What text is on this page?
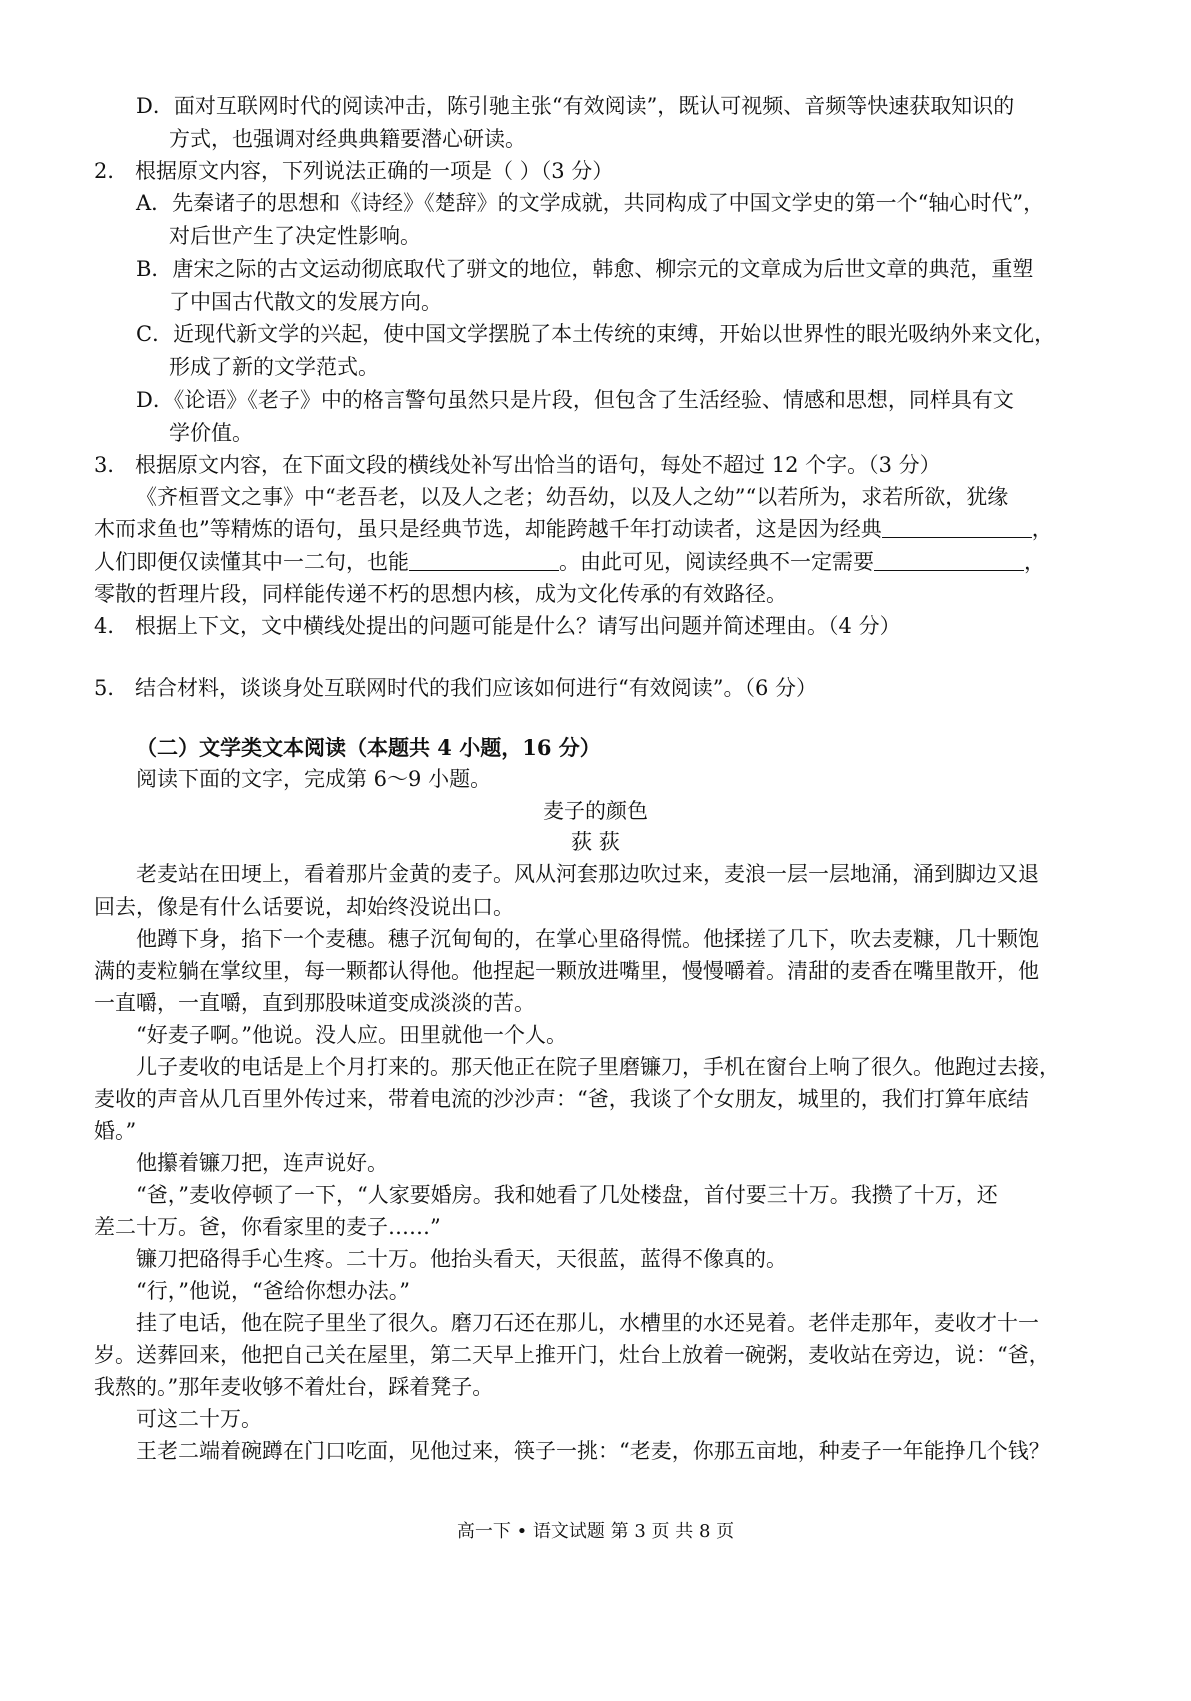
D．面对互联网时代的阅读冲击，陈引驰主张“有效阅读”，既认可视频、音频等快速获取知识的
方式，也强调对经典典籍要潜心研读。
2． 根据原文内容，下列说法正确的一项是（ ）（3 分）
A．先秦诸子的思想和《诗经》《楚辞》的文学成就，共同构成了中国文学史的第一个“轴心时代”，
对后世产生了决定性影响。
B．唐宋之际的古文运动彻底取代了骈文的地位，韩愈、柳宗元的文章成为后世文章的典范，重塑
了中国古代散文的发展方向。
C．近现代新文学的兴起，使中国文学摆脱了本土传统的束缚，开始以世界性的眼光吸纳外来文化，
形成了新的文学范式。
D．《论语》《老子》中的格言警句虽然只是片段，但包含了生活经验、情感和思想，同样具有文
学价值。
3． 根据原文内容，在下面文段的横线处补写出恰当的语句，每处不超过 12 个字。（3 分）
《齐桓晋文之事》中“老吾老，以及人之老；幼吾幼，以及人之幼”“以若所为，求若所欲，犹缘
木而求鱼也”等精炼的语句，虽只是经典节选，却能跨越千年打动读者，这是因为经典	，
人们即便仅读懂其中一二句，也能	。由此可见，阅读经典不一定需要	，
零散的哲理片段，同样能传递不朽的思想内核，成为文化传承的有效路径。
4． 根据上下文，文中横线处提出的问题可能是什么？请写出问题并简述理由。（4 分）
5． 结合材料，谈谈身处互联网时代的我们应该如何进行“有效阅读”。（6 分）
（二）文学类文本阅读（本题共 4 小题，16 分）
阅读下面的文字，完成第 6～9 小题。
麦子的颜色
荻 荻
老麦站在田埂上，看着那片金黄的麦子。风从河套那边吹过来，麦浪一层一层地涌，涌到脚边又退
回去，像是有什么话要说，却始终没说出口。
他蹲下身，掐下一个麦穗。穗子沉甸甸的，在掌心里硌得慌。他揉搓了几下，吹去麦糠，几十颗饱
满的麦粒躺在掌纹里，每一颗都认得他。他捏起一颗放进嘴里，慢慢嚼着。清甜的麦香在嘴里散开，他
一直嚼，一直嚼，直到那股味道变成淡淡的苦。
“好麦子啊。”他说。没人应。田里就他一个人。
儿子麦收的电话是上个月打来的。那天他正在院子里磨镰刀，手机在窗台上响了很久。他跑过去接，
麦收的声音从几百里外传过来，带着电流的沙沙声：“爸，我谈了个女朋友，城里的，我们打算年底结
婚。”
他攥着镰刀把，连声说好。
“爸，”麦收停顿了一下，“人家要婚房。我和她看了几处楼盘，首付要三十万。我攒了十万，还
差二十万。爸，你看家里的麦子……”
镰刀把硌得手心生疼。二十万。他抬头看天，天很蓝，蓝得不像真的。
“行，”他说，“爸给你想办法。”
挂了电话，他在院子里坐了很久。磨刀石还在那儿，水槽里的水还晃着。老伴走那年，麦收才十一
岁。送葬回来，他把自己关在屋里，第二天早上推开门，灶台上放着一碗粥，麦收站在旁边，说：“爸，
我熬的。”那年麦收够不着灶台，踩着凳子。
可这二十万。
王老二端着碗蹲在门口吃面，见他过来，筷子一挑：“老麦，你那五亩地，种麦子一年能挣几个钱？
高一下 • 语文试题 第 3 页 共 8 页
